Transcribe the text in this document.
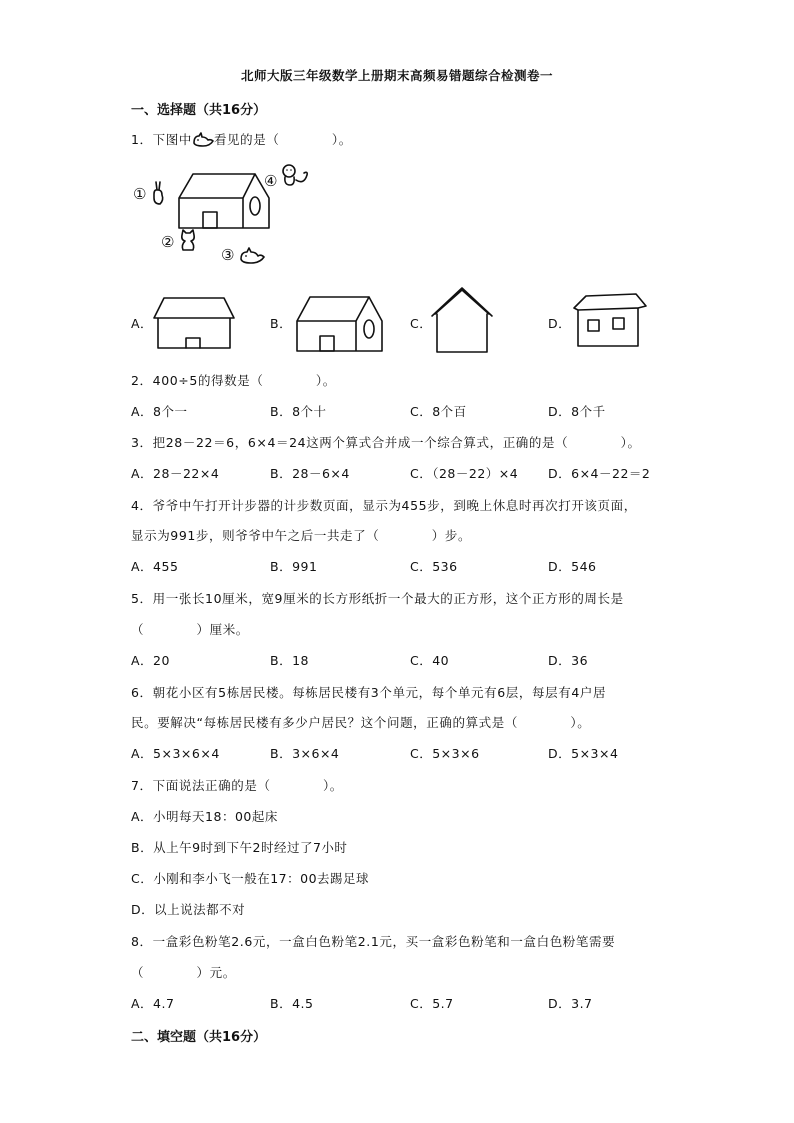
北师大版三年级数学上册期末高频易错题综合检测卷一
一、选择题（共16分）
1．下图中 看见的是（　　　　）。
①
④
②
③
A．	B．	C．	D．
2．400÷5的得数是（　　　　）。
A．8个一	B．8个十	C．8个百	D．8个千
3．把28－22＝6，6×4＝24这两个算式合并成一个综合算式，正确的是（　　　　）。
A．28－22×4	B．28－6×4	C．（28－22）×4 D．6×4－22＝2
4．爷爷中午打开计步器的计步数页面，显示为455步，到晚上休息时再次打开该页面，
显示为991步，则爷爷中午之后一共走了（　　　　）步。
A．455	B．991	C．536	D．546
5．用一张长10厘米，宽9厘米的长方形纸折一个最大的正方形，这个正方形的周长是
（　　　　）厘米。
A．20	B．18	C．40	D．36
6．朝花小区有5栋居民楼。每栋居民楼有3个单元，每个单元有6层，每层有4户居
民。要解决“每栋居民楼有多少户居民？这个问题，正确的算式是（　　　　）。
A．5×3×6×4	B．3×6×4	C．5×3×6	D．5×3×4
7．下面说法正确的是（　　　　）。
A．小明每天18：00起床
B．从上午9时到下午2时经过了7小时
C．小刚和李小飞一般在17：00去踢足球
D．以上说法都不对
8．一盒彩色粉笔2.6元，一盒白色粉笔2.1元，买一盒彩色粉笔和一盒白色粉笔需要
（　　　　）元。
A．4.7	B．4.5	C．5.7	D．3.7
二、填空题（共16分）
